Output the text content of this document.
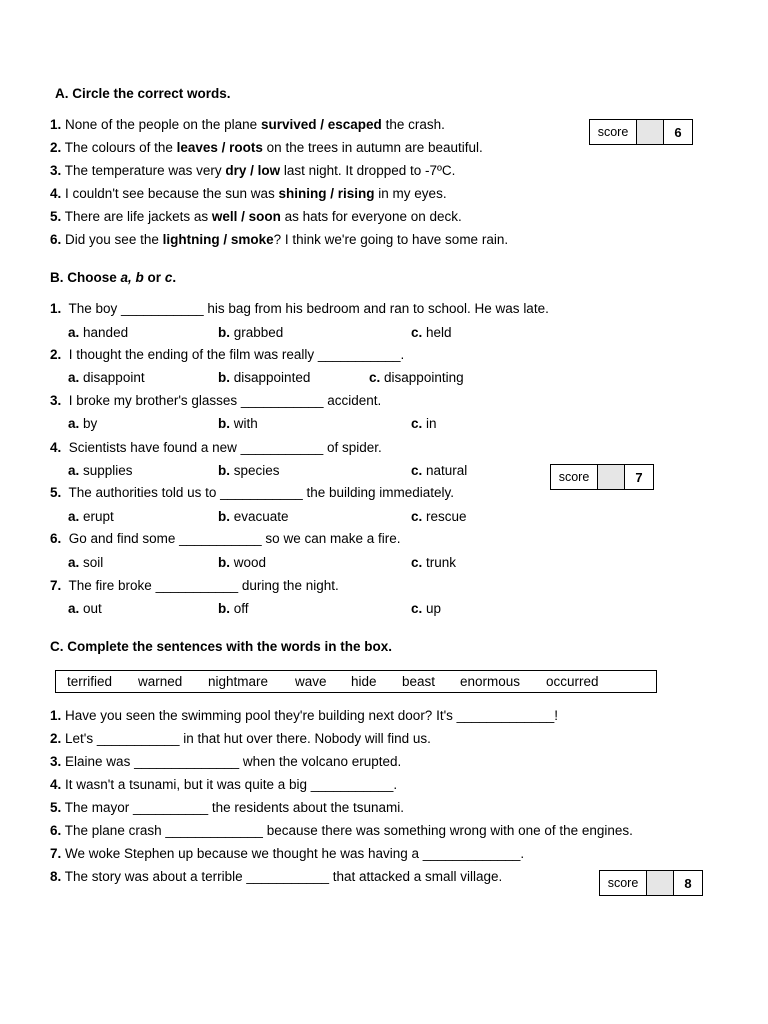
A. Circle the correct words.
score	6
1. None of the people on the plane survived / escaped the crash.
2. The colours of the leaves / roots on the trees in autumn are beautiful.
3. The temperature was very dry / low last night. It dropped to -7ºC.
4. I couldn't see because the sun was shining / rising in my eyes.
5. There are life jackets as well / soon as hats for everyone on deck.
6. Did you see the lightning / smoke? I think we're going to have some rain.
B. Choose a, b or c.
score	7
1. The boy ___________ his bag from his bedroom and ran to school. He was late.
a. handed	b. grabbed	c. held
2. I thought the ending of the film was really ___________.
a. disappoint	b. disappointed	c. disappointing
3. I broke my brother's glasses ___________ accident.
a. by	b. with	c. in
4. Scientists have found a new ___________ of spider.
a. supplies	b. species	c. natural
5. The authorities told us to ___________ the building immediately.
a. erupt	b. evacuate	c. rescue
6. Go and find some ___________ so we can make a fire.
a. soil	b. wood	c. trunk
7. The fire broke ___________ during the night.
a. out	b. off	c. up
C. Complete the sentences with the words in the box.
terrified warned nightmare wave hide beast enormous occurred
1. Have you seen the swimming pool they're building next door? It's _____________!
2. Let's ___________ in that hut over there. Nobody will find us.
3. Elaine was ______________ when the volcano erupted.
4. It wasn't a tsunami, but it was quite a big ___________.
5. The mayor __________ the residents about the tsunami.
6. The plane crash _____________ because there was something wrong with one of the engines.
7. We woke Stephen up because we thought he was having a _____________.
8. The story was about a terrible ___________ that attacked a small village.	score	8
